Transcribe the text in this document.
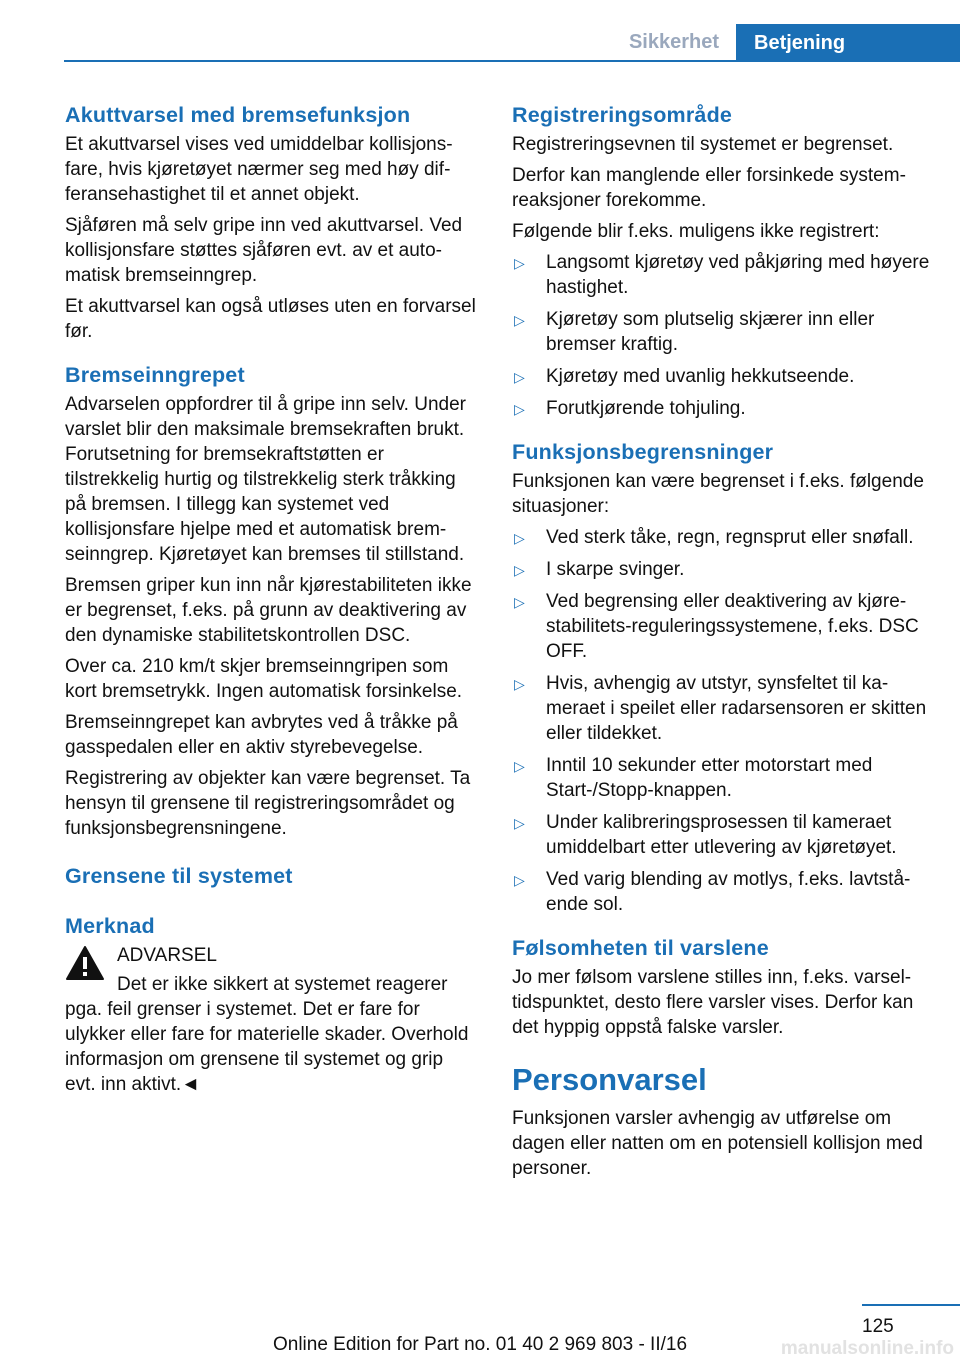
Sikkerhet	Betjening
Akuttvarsel med bremsefunksjon

Et akuttvarsel vises ved umiddelbar kollisjonsfare, hvis kjøretøyet nærmer seg med høy differansehastighet til et annet objekt.

Sjåføren må selv gripe inn ved akuttvarsel. Ved kollisjonsfare støttes sjåføren evt. av et automatisk bremseinngrep.

Et akuttvarsel kan også utløses uten en forvarsel før.

Bremseinngrepet

Advarselen oppfordrer til å gripe inn selv. Under varslet blir den maksimale bremsekraften brukt. Forutsetning for bremsekraftstøtten er tilstrekkelig hurtig og tilstrekkelig sterk tråkking på bremsen. I tillegg kan systemet ved kollisjonsfare hjelpe med et automatisk bremseinngrep. Kjøretøyet kan bremses til stillstand.

Bremsen griper kun inn når kjørestabiliteten ikke er begrenset, f.eks. på grunn av deaktivering av den dynamiske stabilitetskontrollen DSC.

Over ca. 210 km/t skjer bremseinngripen som kort bremsetrykk. Ingen automatisk forsinkelse.

Bremseinngrepet kan avbrytes ved å tråkke på gasspedalen eller en aktiv styrebevegelse.

Registrering av objekter kan være begrenset. Ta hensyn til grensene til registreringsområdet og funksjonsbegrensningene.

Grensene til systemet
Merknad

ADVARSEL

Det er ikke sikkert at systemet reagerer pga. feil grenser i systemet. Det er fare for ulykker eller fare for materielle skader. Overhold informasjon om grensene til systemet og grip evt. inn aktivt.◄

Registreringsområde

Registreringsevnen til systemet er begrenset.

Derfor kan manglende eller forsinkede systemreaksjoner forekomme.

Følgende blir f.eks. muligens ikke registrert:

▷ Langsomt kjøretøy ved påkjøring med høyere hastighet.
▷ Kjøretøy som plutselig skjærer inn eller bremser kraftig.
▷ Kjøretøy med uvanlig hekkutseende.
▷ Forutkjørende tohjuling.
Funksjonsbegrensninger

Funksjonen kan være begrenset i f.eks. følgende situasjoner:

▷ Ved sterk tåke, regn, regnsprut eller snøfall.
▷ I skarpe svinger.
▷ Ved begrensing eller deaktivering av kjørestabilitets-reguleringssystemene, f.eks. DSC OFF.
▷ Hvis, avhengig av utstyr, synsfeltet til kameraet i speilet eller radarsensoren er skitten eller tildekket.
▷ Inntil 10 sekunder etter motorstart med Start-/Stopp-knappen.
▷ Under kalibreringsprosessen til kameraet umiddelbart etter utlevering av kjøretøyet.
▷ Ved varig blending av motlys, f.eks. lavtstående sol.
Følsomheten til varslene

Jo mer følsom varslene stilles inn, f.eks. varseltidspunktet, desto flere varsler vises. Derfor kan det hyppig oppstå falske varsler.

Personvarsel

Funksjonen varsler avhengig av utførelse om dagen eller natten om en potensiell kollisjon med personer.

125
Online Edition for Part no. 01 40 2 969 803 - II/16	manualsonline.info
